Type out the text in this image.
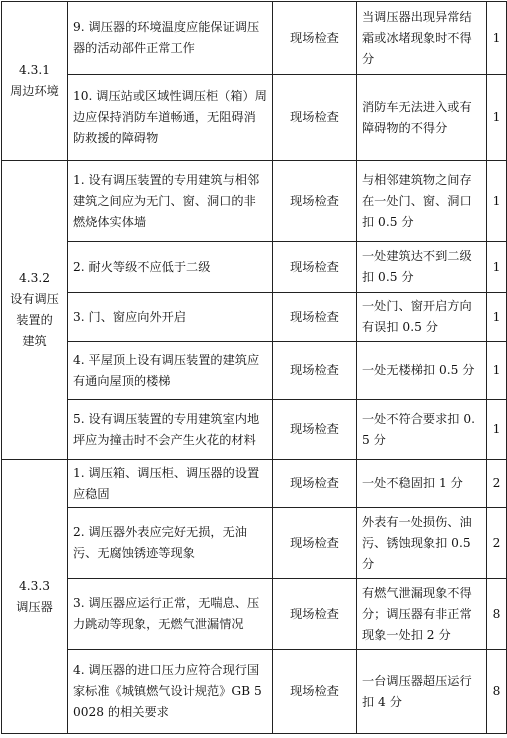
4.3.1
周边环境	9. 调压器的环境温度应能保证调压器的活动部件正常工作	现场检查	当调压器出现异常结霜或冰堵现象时不得分	1
	10. 调压站或区域性调压柜（箱）周边应保持消防车道畅通，无阻碍消防救援的障碍物	现场检查	消防车无法进入或有障碍物的不得分	1
4.3.2
设有调压
装置的
建筑	1. 设有调压装置的专用建筑与相邻建筑之间应为无门、窗、洞口的非燃烧体实体墙	现场检查	与相邻建筑物之间存在一处门、窗、洞口扣 0.5 分	1
	2. 耐火等级不应低于二级	现场检查	一处建筑达不到二级扣 0.5 分	1
	3. 门、窗应向外开启	现场检查	一处门、窗开启方向有误扣 0.5 分	1
	4. 平屋顶上设有调压装置的建筑应有通向屋顶的楼梯	现场检查	一处无楼梯扣 0.5 分	1
	5. 设有调压装置的专用建筑室内地坪应为撞击时不会产生火花的材料	现场检查	一处不符合要求扣 0.5 分	1
4.3.3
调压器	1. 调压箱、调压柜、调压器的设置应稳固	现场检查	一处不稳固扣 1 分	2
	2. 调压器外表应完好无损，无油污、无腐蚀锈迹等现象	现场检查	外表有一处损伤、油污、锈蚀现象扣 0.5 分	2
	3. 调压器应运行正常，无喘息、压力跳动等现象，无燃气泄漏情况	现场检查	有燃气泄漏现象不得分；调压器有非正常现象一处扣 2 分	8
	4. 调压器的进口压力应符合现行国家标准《城镇燃气设计规范》GB 50028 的相关要求	现场检查	一台调压器超压运行扣 4 分	8
